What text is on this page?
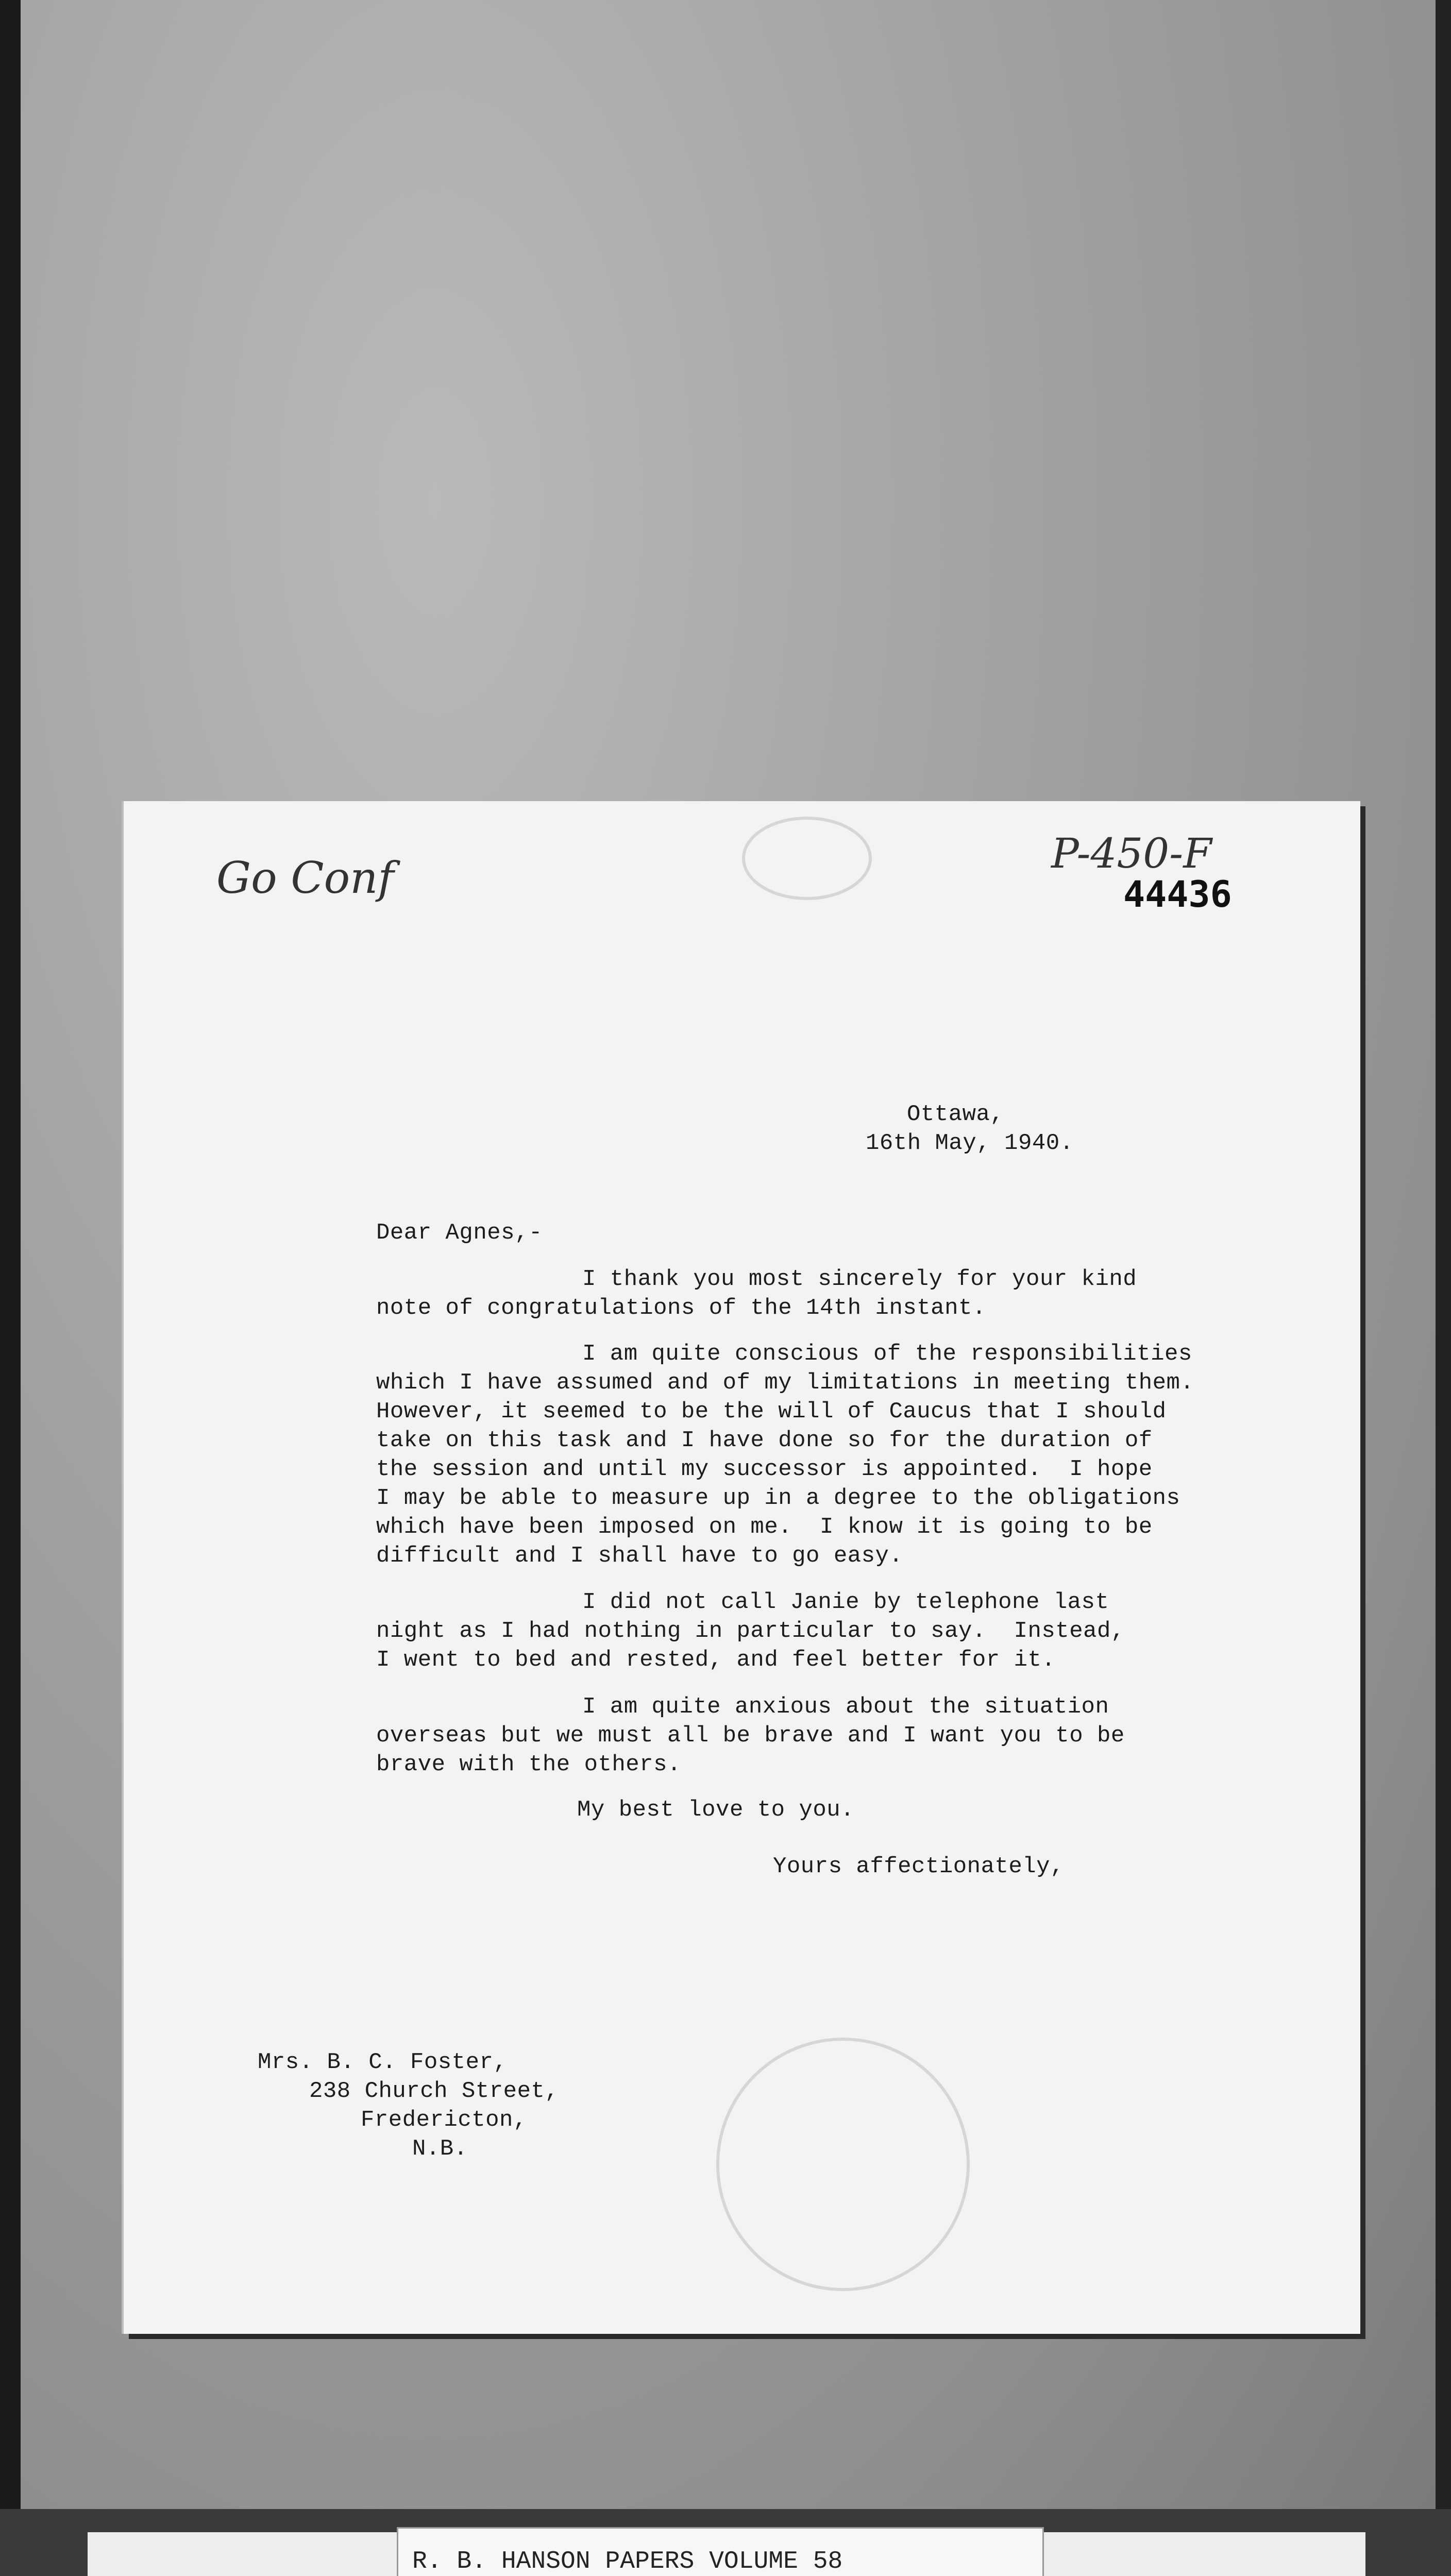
Go Conf	P-450-F
44436
Ottawa,
16th May, 1940.
Dear Agnes,-
I thank you most sincerely for your kind
note of congratulations of the 14th instant.
I am quite conscious of the responsibilities
which I have assumed and of my limitations in meeting them.
However, it seemed to be the will of Caucus that I should
take on this task and I have done so for the duration of
the session and until my successor is appointed.  I hope
I may be able to measure up in a degree to the obligations
which have been imposed on me.  I know it is going to be
difficult and I shall have to go easy.
I did not call Janie by telephone last
night as I had nothing in particular to say.  Instead,
I went to bed and rested, and feel better for it.
I am quite anxious about the situation
overseas but we must all be brave and I want you to be
brave with the others.
My best love to you.
Yours affectionately,
Mrs. B. C. Foster,
238 Church Street,
Fredericton,
N.B.
R. B. HANSON PAPERS VOLUME 58
